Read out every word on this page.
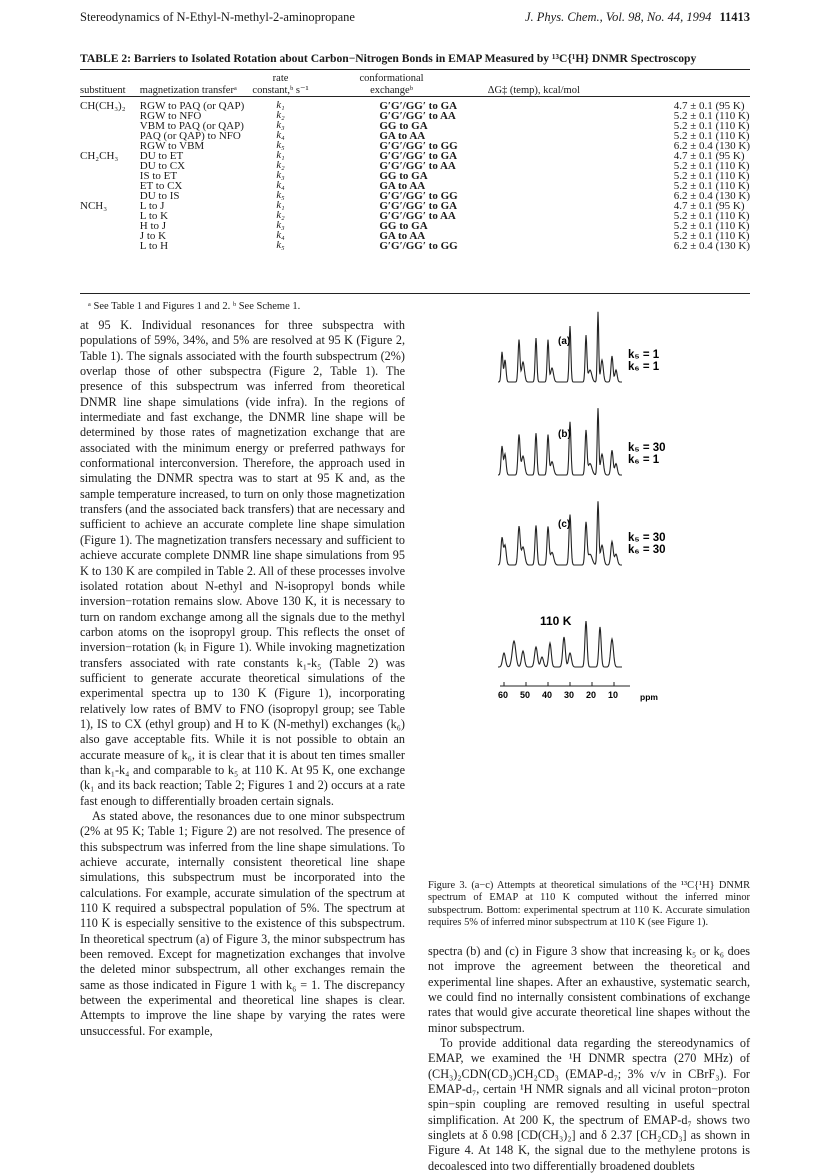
Stereodynamics of N-Ethyl-N-methyl-2-aminopropane	J. Phys. Chem., Vol. 98, No. 44, 1994 11413
TABLE 2: Barriers to Isolated Rotation about Carbon−Nitrogen Bonds in EMAP Measured by ¹³C{¹H} DNMR Spectroscopy
		rate	conformational	
substituent	magnetization transferᵃ	constant,ᵇ s⁻¹	exchangeᵇ	ΔG‡ (temp), kcal/mol

CH(CH₃)₂	RGW to PAQ (or QAP)	k₁	G′G′/GG′ to GA	4.7 ± 0.1 (95 K)
	RGW to NFO	k₂	G′G′/GG′ to AA	5.2 ± 0.1 (110 K)
	VBM to PAQ (or QAP)	k₃	GG to GA	5.2 ± 0.1 (110 K)
	PAQ (or QAP) to NFO	k₄	GA to AA	5.2 ± 0.1 (110 K)
	RGW to VBM	k₅	G′G′/GG′ to GG	6.2 ± 0.4 (130 K)
CH₂CH₃	DU to ET	k₁	G′G′/GG′ to GA	4.7 ± 0.1 (95 K)
	DU to CX	k₂	G′G′/GG′ to AA	5.2 ± 0.1 (110 K)
	IS to ET	k₃	GG to GA	5.2 ± 0.1 (110 K)
	ET to CX	k₄	GA to AA	5.2 ± 0.1 (110 K)
	DU to IS	k₅	G′G′/GG′ to GG	6.2 ± 0.4 (130 K)
NCH₃	L to J	k₁	G′G′/GG′ to GA	4.7 ± 0.1 (95 K)
	L to K	k₂	G′G′/GG′ to AA	5.2 ± 0.1 (110 K)
	H to J	k₃	GG to GA	5.2 ± 0.1 (110 K)
	J to K	k₄	GA to AA	5.2 ± 0.1 (110 K)
	L to H	k₅	G′G′/GG′ to GG	6.2 ± 0.4 (130 K)
ᵃ See Table 1 and Figures 1 and 2. ᵇ See Scheme 1.

at 95 K. Individual resonances for three subspectra with populations of 59%, 34%, and 5% are resolved at 95 K (Figure 2, Table 1). The signals associated with the fourth subspectrum (2%) overlap those of other subspectra (Figure 2, Table 1). The presence of this subspectrum was inferred from theoretical DNMR line shape simulations (vide infra). In the regions of intermediate and fast exchange, the DNMR line shape will be determined by those rates of magnetization exchange that are associated with the minimum energy or preferred pathways for conformational interconversion. Therefore, the approach used in simulating the DNMR spectra was to start at 95 K and, as the sample temperature increased, to turn on only those magnetization transfers (and the associated back transfers) that are necessary and sufficient to achieve an accurate complete line shape simulation (Figure 1). The magnetization transfers necessary and sufficient to achieve accurate complete DNMR line shape simulations from 95 K to 130 K are compiled in Table 2. All of these processes involve isolated rotation about N-ethyl and N-isopropyl bonds while inversion−rotation remains slow. Above 130 K, it is necessary to turn on random exchange among all the signals due to the methyl carbon atoms on the isopropyl group. This reflects the onset of inversion−rotation (kᵢ in Figure 1). While invoking magnetization transfers associated with rate constants k₁-k₅ (Table 2) was sufficient to generate accurate theoretical simulations of the experimental spectra up to 130 K (Figure 1), incorporating relatively low rates of BMV to FNO (isopropyl group; see Table 1), IS to CX (ethyl group) and H to K (N-methyl) exchanges (k₆) also gave acceptable fits. While it is not possible to obtain an accurate measure of k₆, it is clear that it is about ten times smaller than k₁-k₄ and comparable to k₅ at 110 K. At 95 K, one exchange (k₁ and its back reaction; Table 2; Figures 1 and 2) occurs at a rate fast enough to differentially broaden certain signals.

As stated above, the resonances due to one minor subspectrum (2% at 95 K; Table 1; Figure 2) are not resolved. The presence of this subspectrum was inferred from the line shape simulations. To achieve accurate, internally consistent theoretical line shape simulations, this subspectrum must be incorporated into the calculations. For example, accurate simulation of the spectrum at 110 K required a subspectral population of 5%. The spectrum at 110 K is especially sensitive to the existence of this subspectrum. In theoretical spectrum (a) of Figure 3, the minor subspectrum has been removed. Except for magnetization exchanges that involve the deleted minor subspectrum, all other exchanges remain the same as those indicated in Figure 1 with k₆ = 1. The discrepancy between the experimental and theoretical line shapes is clear. Attempts to improve the line shape by varying the rates were unsuccessful. For example,

(a)
k₅ = 1
k₆ = 1
(b)
k₅ = 30
k₆ = 1
(c)
k₅ = 30
k₆ = 30
110 K
60 50 40 30 20 10	ppm
Figure 3. (a−c) Attempts at theoretical simulations of the ¹³C{¹H} DNMR spectrum of EMAP at 110 K computed without the inferred minor subspectrum. Bottom: experimental spectrum at 110 K. Accurate simulation requires 5% of inferred minor subspectrum at 110 K (see Figure 1).

spectra (b) and (c) in Figure 3 show that increasing k₅ or k₆ does not improve the agreement between the theoretical and experimental line shapes. After an exhaustive, systematic search, we could find no internally consistent combinations of exchange rates that would give accurate theoretical line shapes without the minor subspectrum.

To provide additional data regarding the stereodynamics of EMAP, we examined the ¹H DNMR spectra (270 MHz) of (CH₃)₂CDN(CD₃)CH₂CD₃ (EMAP-d₇; 3% v/v in CBrF₃). For EMAP-d₇, certain ¹H NMR signals and all vicinal proton−proton spin−spin coupling are removed resulting in useful spectral simplification. At 200 K, the spectrum of EMAP-d₇ shows two singlets at δ 0.98 [CD(CH₃)₂] and δ 2.37 [CH₂CD₃] as shown in Figure 4. At 148 K, the signal due to the methylene protons is decoalesced into two differentially broadened doublets
